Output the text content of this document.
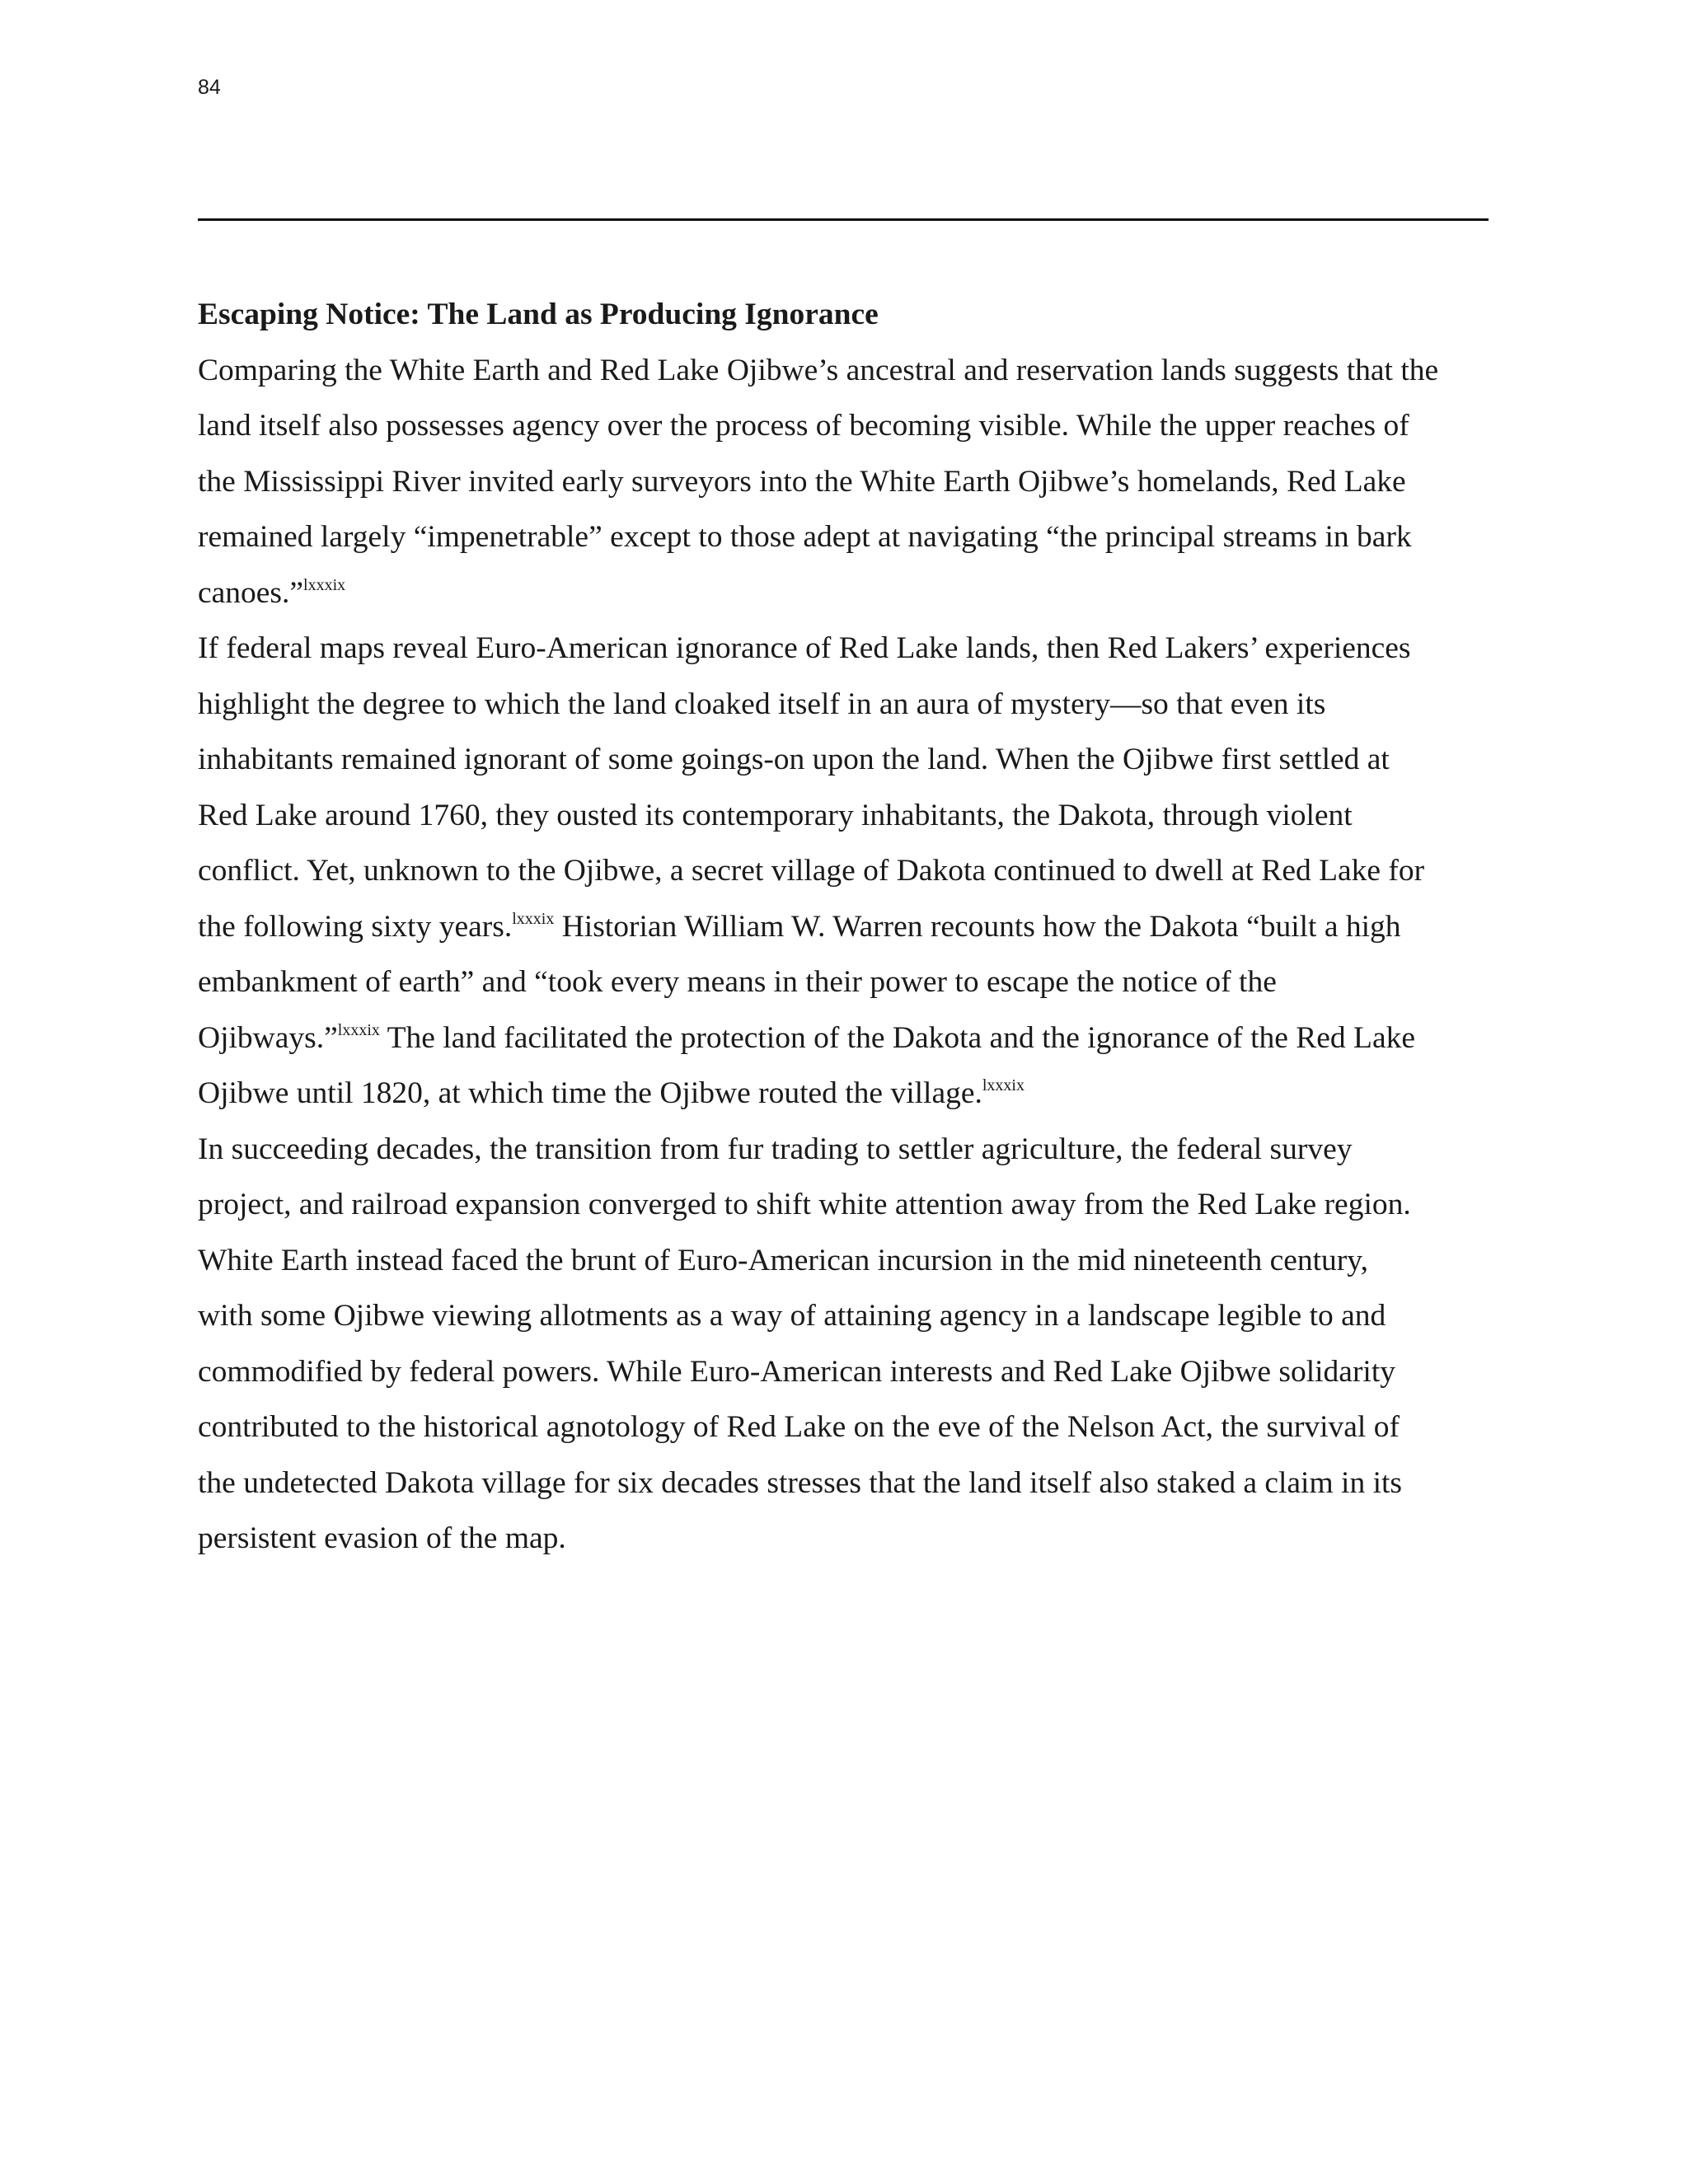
84

Escaping Notice: The Land as Producing Ignorance

Comparing the White Earth and Red Lake Ojibwe’s ancestral and reservation lands suggests that the
land itself also possesses agency over the process of becoming visible. While the upper reaches of
the Mississippi River invited early surveyors into the White Earth Ojibwe’s homelands, Red Lake
remained largely “impenetrable” except to those adept at navigating “the principal streams in bark
canoes.”$^{lxxxix}$

If federal maps reveal Euro-American ignorance of Red Lake lands, then Red Lakers’ experiences
highlight the degree to which the land cloaked itself in an aura of mystery—so that even its
inhabitants remained ignorant of some goings-on upon the land. When the Ojibwe first settled at
Red Lake around 1760, they ousted its contemporary inhabitants, the Dakota, through violent
conflict. Yet, unknown to the Ojibwe, a secret village of Dakota continued to dwell at Red Lake for
the following sixty years.$^{lxxxix}$ Historian William W. Warren recounts how the Dakota “built a high
embankment of earth” and “took every means in their power to escape the notice of the
Ojibways.”$^{lxxxix}$ The land facilitated the protection of the Dakota and the ignorance of the Red Lake
Ojibwe until 1820, at which time the Ojibwe routed the village.$^{lxxxix}$

In succeeding decades, the transition from fur trading to settler agriculture, the federal survey
project, and railroad expansion converged to shift white attention away from the Red Lake region.
White Earth instead faced the brunt of Euro-American incursion in the mid nineteenth century,
with some Ojibwe viewing allotments as a way of attaining agency in a landscape legible to and
commodified by federal powers. While Euro-American interests and Red Lake Ojibwe solidarity
contributed to the historical agnotology of Red Lake on the eve of the Nelson Act, the survival of
the undetected Dakota village for six decades stresses that the land itself also staked a claim in its
persistent evasion of the map.
